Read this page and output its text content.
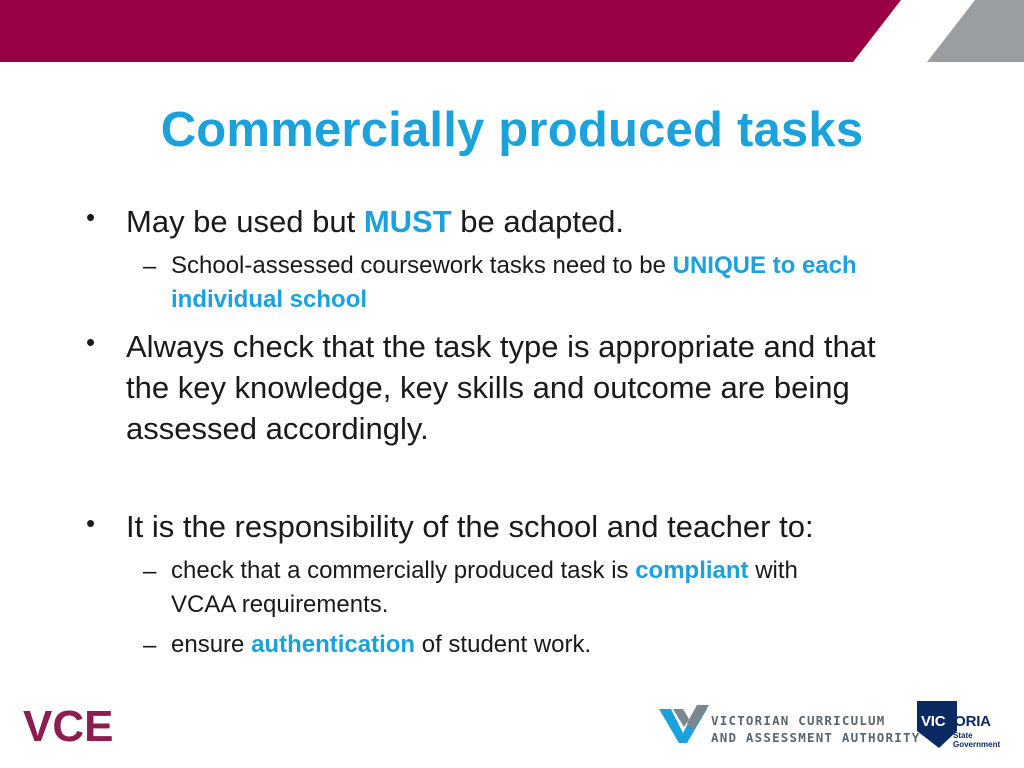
Commercially produced tasks
• May be used but MUST be adapted.
– School-assessed coursework tasks need to be UNIQUE to each
individual school
• Always check that the task type is appropriate and that
the key knowledge, key skills and outcome are being
assessed accordingly.
• It is the responsibility of the school and teacher to:
– check that a commercially produced task is compliant with
VCAA requirements.
– ensure authentication of student work.
VCE	VICTORIAN CURRICULUM
AND ASSESSMENT AUTHORITY
VICTORIA
State
Government
